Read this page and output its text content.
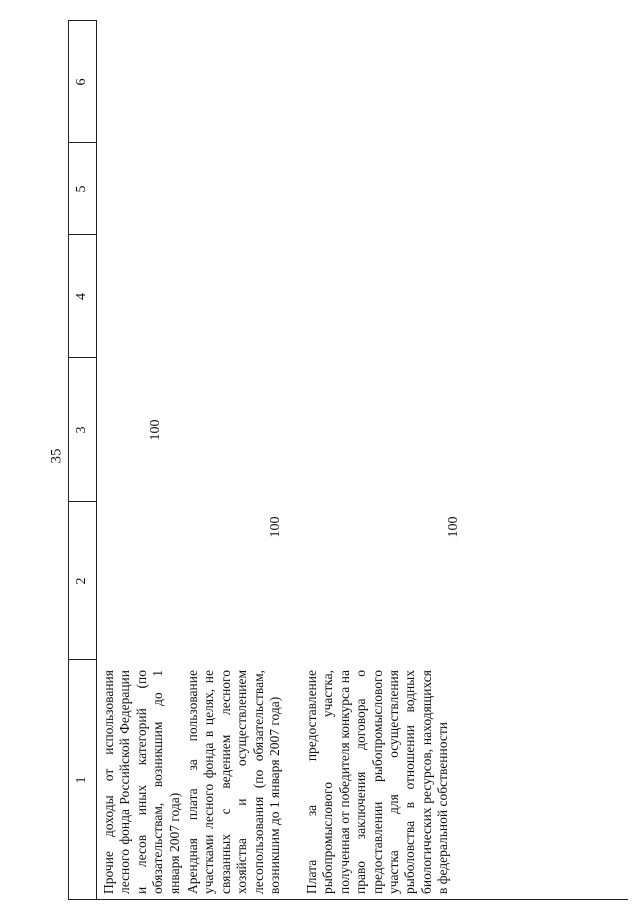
35
1
2
3
4
5
6
Прочие доходы от использования лесного фонда Российской Федерации и лесов иных категорий (по обязательствам, возникшим до 1 января 2007 года)
100
Арендная плата за пользование участками лесного фонда в целях, не связанных с ведением лесного хозяйства и осуществлением лесопользования (по обязательствам, возникшим до 1 января 2007 года)
100
Плата за предоставление рыбопромыслового участка, полученная от победителя конкурса на право заключения договора о предоставлении рыбопромыслового участка для осуществления рыболовства в отношении водных биологических ресурсов, находящихся в федеральной собственности
100
